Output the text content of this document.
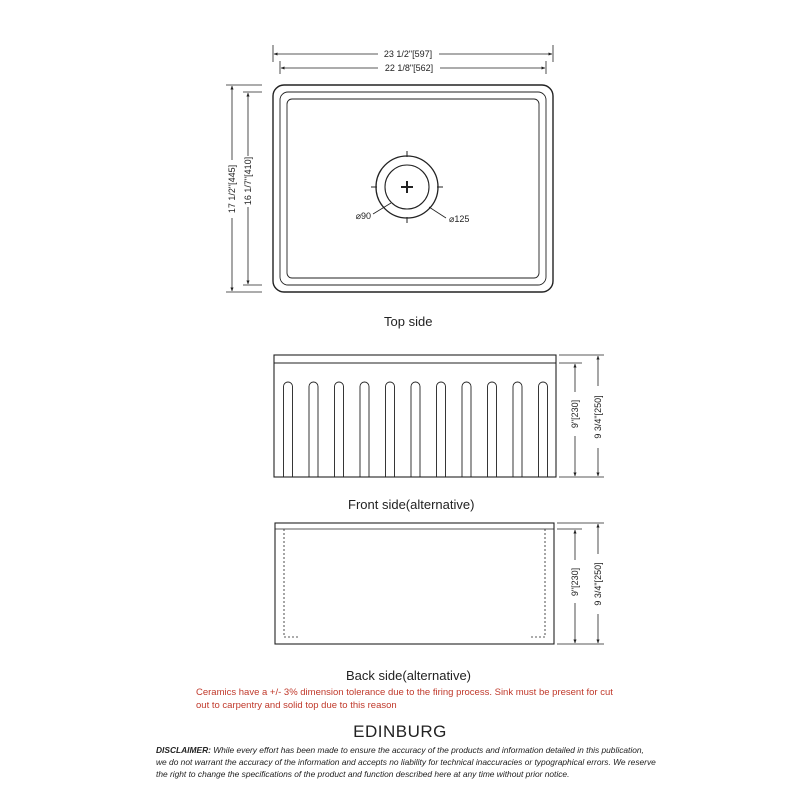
23 1/2"[597]
22 1/8"[562]
17 1/2"[445] 16 1/7"[410]
⌀90	⌀125
9"[230] 9 3/4"[250]
9"[230] 9 3/4"[250]
Top side
Front side(alternative)
Back side(alternative)
Ceramics have a +/- 3% dimension tolerance due to the firing process. Sink must be present for cut out to carpentry and solid top due to this reason
EDINBURG
DISCLAIMER: While every effort has been made to ensure the accuracy of the products and information detailed in this publication, we do not warrant the accuracy of the information and accepts no liability for technical inaccuracies or typographical errors. We reserve the right to change the specifications of the product and function described here at any time without prior notice.
